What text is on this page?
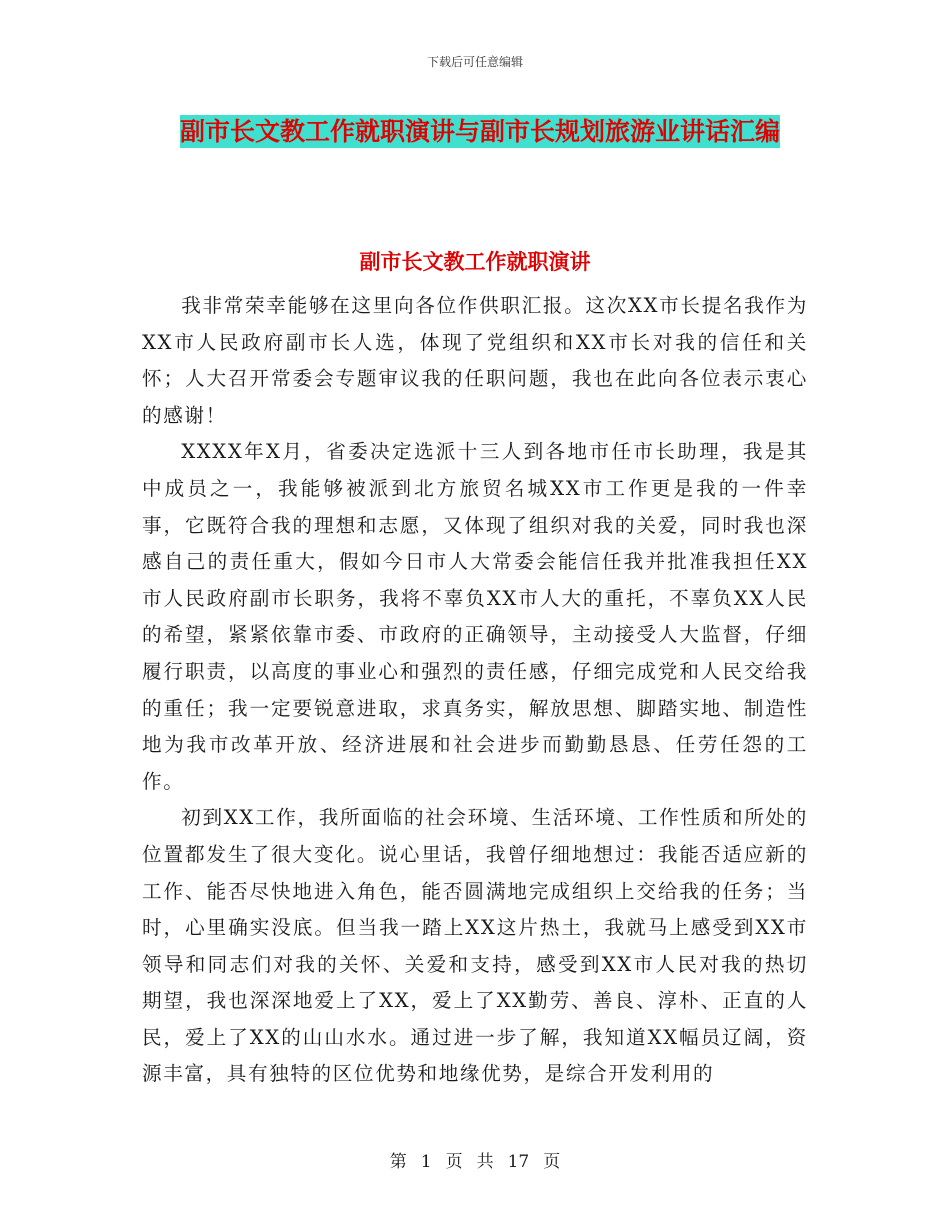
下载后可任意编辑
副市长文教工作就职演讲与副市长规划旅游业讲话汇编
副市长文教工作就职演讲

我非常荣幸能够在这里向各位作供职汇报。这次XX市长提名我作为XX市人民政府副市长人选，体现了党组织和XX市长对我的信任和关怀；人大召开常委会专题审议我的任职问题，我也在此向各位表示衷心的感谢！

XXXX年X月，省委决定选派十三人到各地市任市长助理，我是其中成员之一，我能够被派到北方旅贸名城XX市工作更是我的一件幸事，它既符合我的理想和志愿，又体现了组织对我的关爱，同时我也深感自己的责任重大，假如今日市人大常委会能信任我并批准我担任XX市人民政府副市长职务，我将不辜负XX市人大的重托，不辜负XX人民的希望，紧紧依靠市委、市政府的正确领导，主动接受人大监督，仔细履行职责，以高度的事业心和强烈的责任感，仔细完成党和人民交给我的重任；我一定要锐意进取，求真务实，解放思想、脚踏实地、制造性地为我市改革开放、经济进展和社会进步而勤勤恳恳、任劳任怨的工作。

初到XX工作，我所面临的社会环境、生活环境、工作性质和所处的位置都发生了很大变化。说心里话，我曾仔细地想过：我能否适应新的工作、能否尽快地进入角色，能否圆满地完成组织上交给我的任务；当时，心里确实没底。但当我一踏上XX这片热土，我就马上感受到XX市领导和同志们对我的关怀、关爱和支持，感受到XX市人民对我的热切期望，我也深深地爱上了XX，爱上了XX勤劳、善良、淳朴、正直的人民，爱上了XX的山山水水。通过进一步了解，我知道XX幅员辽阔，资源丰富，具有独特的区位优势和地缘优势，是综合开发利用的

第 1 页 共 17 页
